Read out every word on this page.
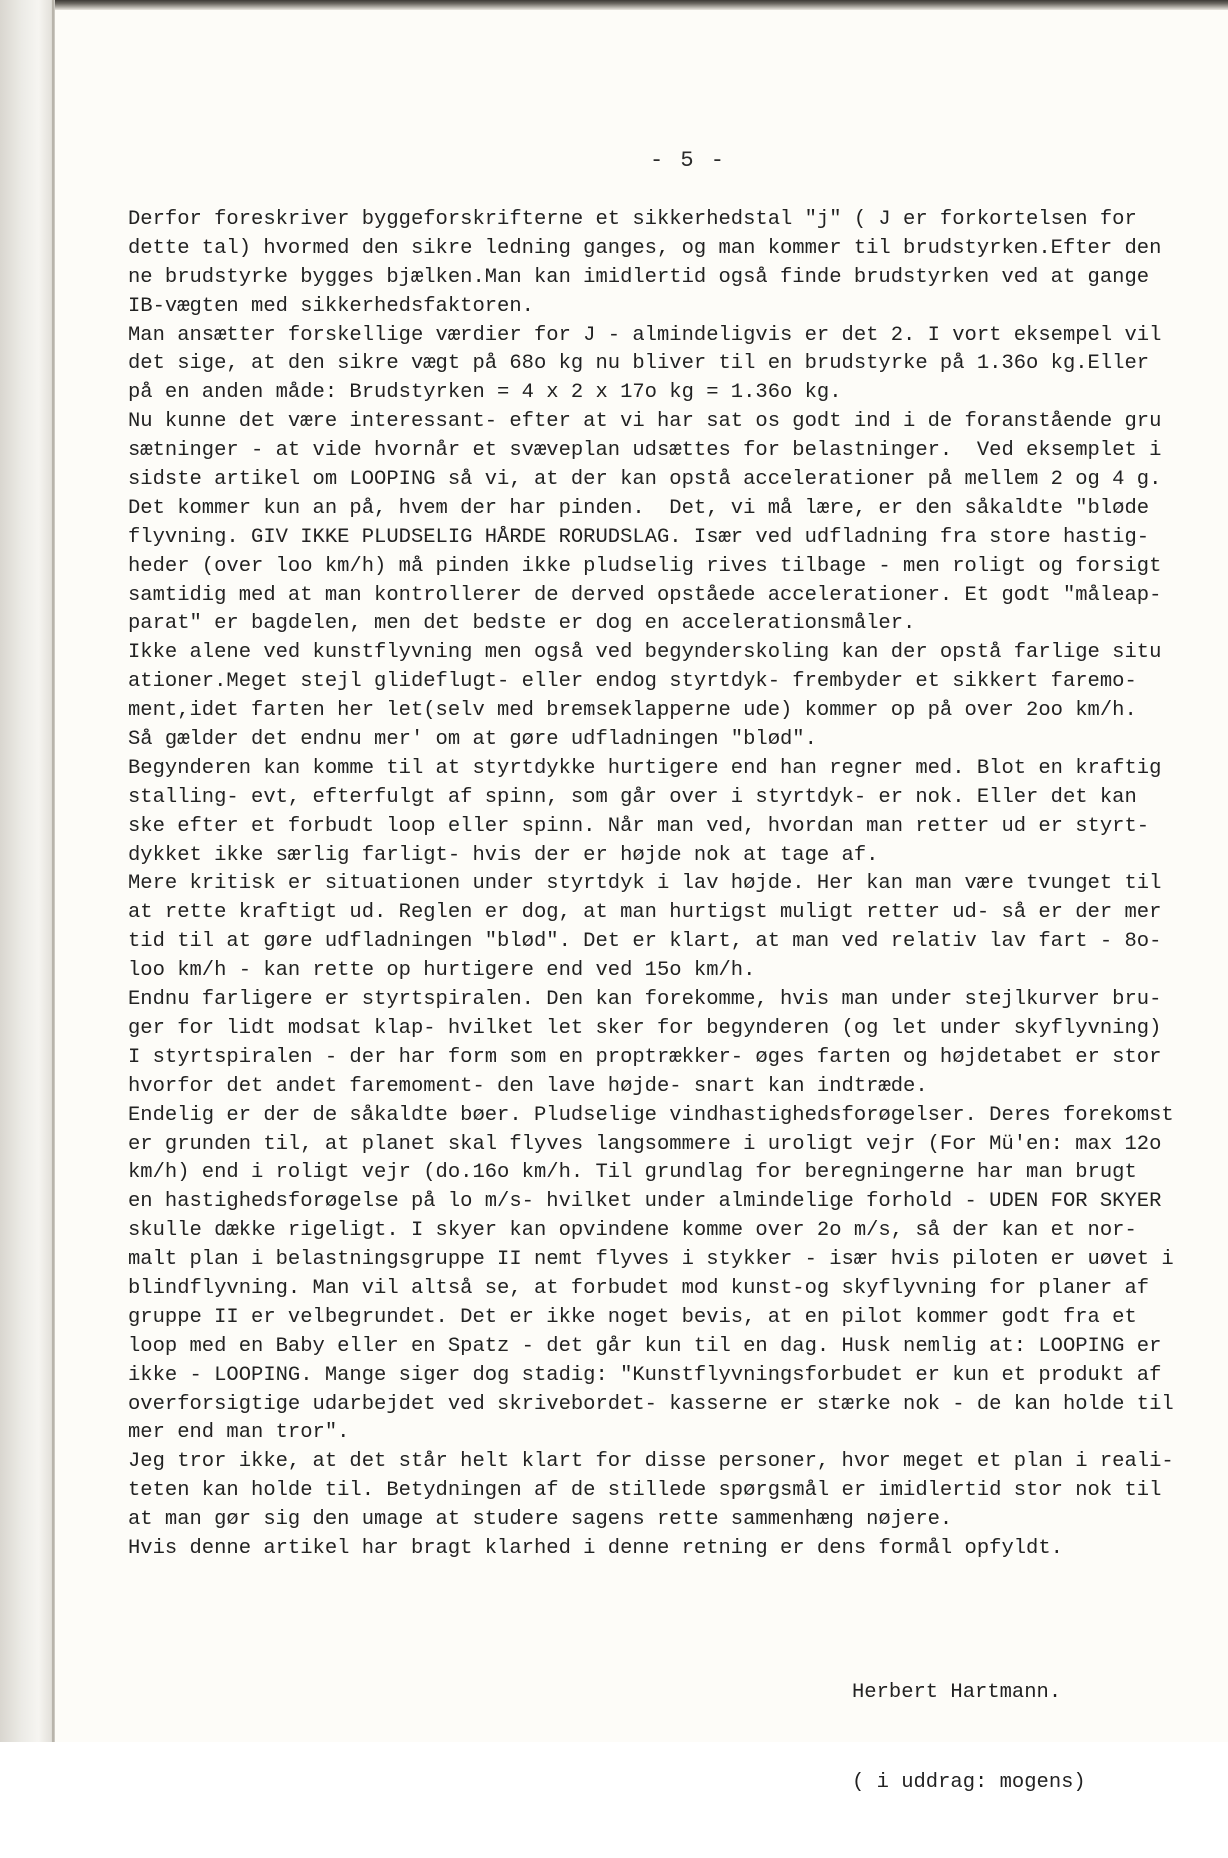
- 5 -
Derfor foreskriver byggeforskrifterne et sikkerhedstal "j" ( J er forkortelsen for
dette tal) hvormed den sikre ledning ganges, og man kommer til brudstyrken.Efter den
ne brudstyrke bygges bjælken.Man kan imidlertid også finde brudstyrken ved at gange
IB-vægten med sikkerhedsfaktoren.
Man ansætter forskellige værdier for J - almindeligvis er det 2. I vort eksempel vil
det sige, at den sikre vægt på 68o kg nu bliver til en brudstyrke på 1.36o kg.Eller
på en anden måde: Brudstyrken = 4 x 2 x 17o kg = 1.36o kg.
Nu kunne det være interessant- efter at vi har sat os godt ind i de foranstående gru
sætninger - at vide hvornår et svæveplan udsættes for belastninger.  Ved eksemplet i
sidste artikel om LOOPING så vi, at der kan opstå accelerationer på mellem 2 og 4 g.
Det kommer kun an på, hvem der har pinden.  Det, vi må lære, er den såkaldte "bløde
flyvning. GIV IKKE PLUDSELIG HÅRDE RORUDSLAG. Især ved udfladning fra store hastig-
heder (over loo km/h) må pinden ikke pludselig rives tilbage - men roligt og forsigt
samtidig med at man kontrollerer de derved opståede accelerationer. Et godt "måleap-
parat" er bagdelen, men det bedste er dog en accelerationsmåler.
Ikke alene ved kunstflyvning men også ved begynderskoling kan der opstå farlige situ
ationer.Meget stejl glideflugt- eller endog styrtdyk- frembyder et sikkert faremo-
ment,idet farten her let(selv med bremseklapperne ude) kommer op på over 2oo km/h.
Så gælder det endnu mer' om at gøre udfladningen "blød".
Begynderen kan komme til at styrtdykke hurtigere end han regner med. Blot en kraftig
stalling- evt, efterfulgt af spinn, som går over i styrtdyk- er nok. Eller det kan
ske efter et forbudt loop eller spinn. Når man ved, hvordan man retter ud er styrt-
dykket ikke særlig farligt- hvis der er højde nok at tage af.
Mere kritisk er situationen under styrtdyk i lav højde. Her kan man være tvunget til
at rette kraftigt ud. Reglen er dog, at man hurtigst muligt retter ud- så er der mer
tid til at gøre udfladningen "blød". Det er klart, at man ved relativ lav fart - 8o-
loo km/h - kan rette op hurtigere end ved 15o km/h.
Endnu farligere er styrtspiralen. Den kan forekomme, hvis man under stejlkurver bru-
ger for lidt modsat klap- hvilket let sker for begynderen (og let under skyflyvning)
I styrtspiralen - der har form som en proptrækker- øges farten og højdetabet er stor
hvorfor det andet faremoment- den lave højde- snart kan indtræde.
Endelig er der de såkaldte bøer. Pludselige vindhastighedsforøgelser. Deres forekomst
er grunden til, at planet skal flyves langsommere i uroligt vejr (For Mü'en: max 12o
km/h) end i roligt vejr (do.16o km/h. Til grundlag for beregningerne har man brugt
en hastighedsforøgelse på lo m/s- hvilket under almindelige forhold - UDEN FOR SKYER
skulle dække rigeligt. I skyer kan opvindene komme over 2o m/s, så der kan et nor-
malt plan i belastningsgruppe II nemt flyves i stykker - især hvis piloten er uøvet i
blindflyvning. Man vil altså se, at forbudet mod kunst-og skyflyvning for planer af
gruppe II er velbegrundet. Det er ikke noget bevis, at en pilot kommer godt fra et
loop med en Baby eller en Spatz - det går kun til en dag. Husk nemlig at: LOOPING er
ikke - LOOPING. Mange siger dog stadig: "Kunstflyvningsforbudet er kun et produkt af
overforsigtige udarbejdet ved skrivebordet- kasserne er stærke nok - de kan holde til
mer end man tror".
Jeg tror ikke, at det står helt klart for disse personer, hvor meget et plan i reali-
teten kan holde til. Betydningen af de stillede spørgsmål er imidlertid stor nok til
at man gør sig den umage at studere sagens rette sammenhæng nøjere.
Hvis denne artikel har bragt klarhed i denne retning er dens formål opfyldt.

Herbert Hartmann.

( i uddrag: mogens)
